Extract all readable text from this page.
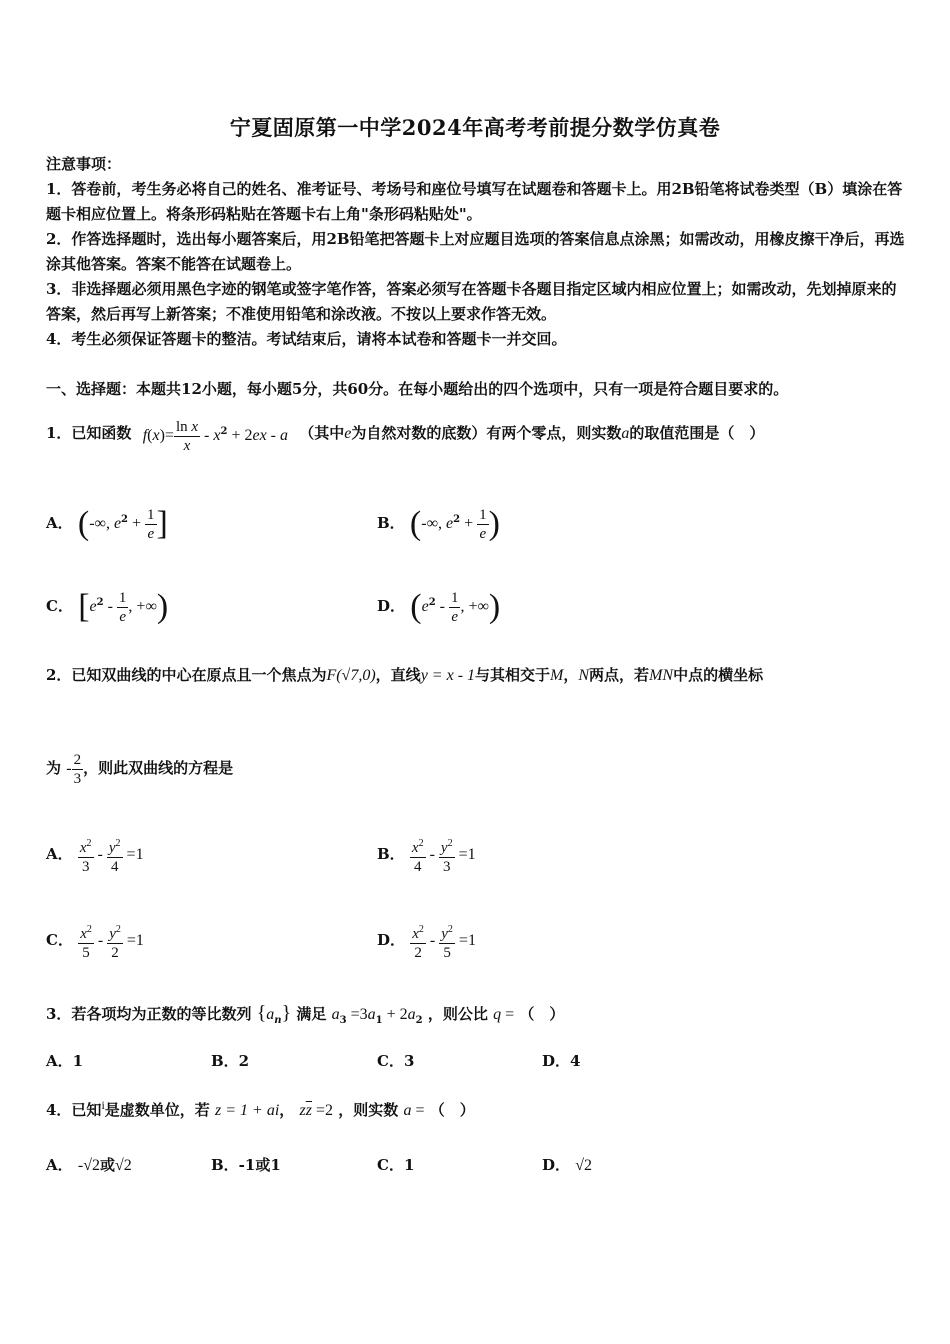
宁夏固原第一中学2024年高考考前提分数学仿真卷
注意事项：
1．答卷前，考生务必将自己的姓名、准考证号、考场号和座位号填写在试题卷和答题卡上。用2B铅笔将试卷类型（B）填涂在答题卡相应位置上。将条形码粘贴在答题卡右上角"条形码粘贴处"。
2．作答选择题时，选出每小题答案后，用2B铅笔把答题卡上对应题目选项的答案信息点涂黑；如需改动，用橡皮擦干净后，再选涂其他答案。答案不能答在试题卷上。
3．非选择题必须用黑色字迹的钢笔或签字笔作答，答案必须写在答题卡各题目指定区域内相应位置上；如需改动，先划掉原来的答案，然后再写上新答案；不准使用铅笔和涂改液。不按以上要求作答无效。
4．考生必须保证答题卡的整洁。考试结束后，请将本试卷和答题卡一并交回。
一、选择题：本题共12小题，每小题5分，共60分。在每小题给出的四个选项中，只有一项是符合题目要求的。
1．已知函数 $f(x)= \frac{\text{ln x}}{x} - x^2 + 2ex - a$ （其中e为自然对数的底数）有两个零点，则实数a的取值范围是（　）
A． (-∞, $e^2 + \frac{1}{e}$ ]	B． (-∞, $e^2 + \frac{1}{e}$ )
C． [$e^2 - \frac{1}{e}$ , +∞)	D． ($e^2 - \frac{1}{e}$ , +∞)
2．已知双曲线的中心在原点且一个焦点为F(√7,0)，直线y = x - 1与其相交于M，N两点，若MN中点的横坐标
为 - $\frac{2}{3}$ ，则此双曲线的方程是
A． $\frac{x^2}{3} - \frac{y^2}{4} =1$	B． $\frac{x^2}{4} - \frac{y^2}{3} =1$
C． $\frac{x^2}{5} - \frac{y^2}{2} =1$	D． $\frac{x^2}{2} - \frac{y^2}{5} =1$
3．若各项均为正数的等比数列 $\{a_n\}$ 满足 $a_3 =3a_1 + 2a_2$ ，则公比 q = （　）
A．1	B．2	C．3	D．4
4．已知$^i$是虚数单位，若 z = 1 + ai， $z\overline{z} =2$ ，则实数 a = （　）
A． -√2或√2	B．-1或1	C．1	D． √2
